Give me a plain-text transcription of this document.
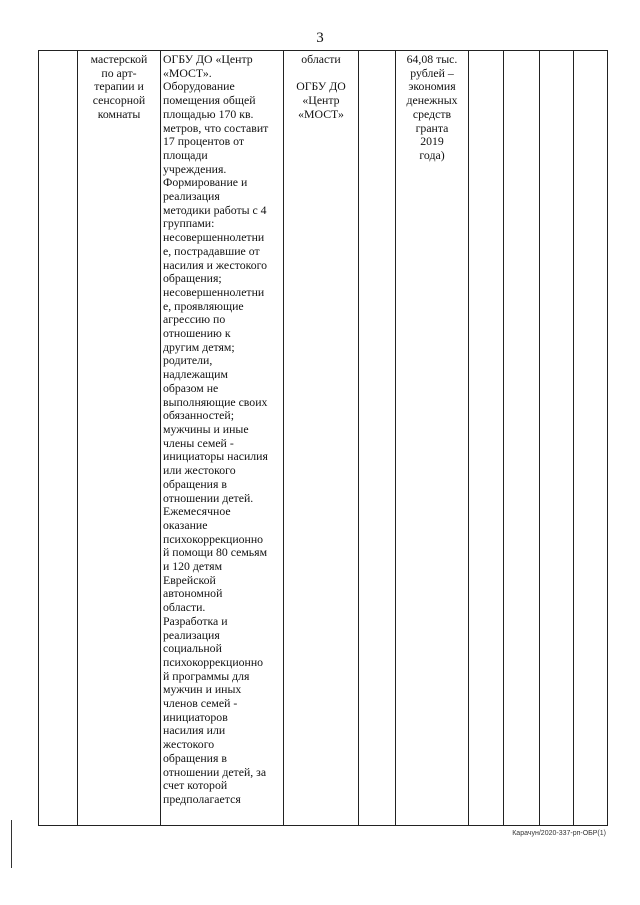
3
мастерской
по арт-
терапии и
сенсорной
комнаты
ОГБУ ДО «Центр
«МОСТ».
Оборудование
помещения общей
площадью 170 кв.
метров, что составит
17 процентов от
площади
учреждения.
Формирование и
реализация
методики работы с 4
группами:
несовершеннолетни
е, пострадавшие от
насилия и жестокого
обращения;
несовершеннолетни
е, проявляющие
агрессию по
отношению к
другим детям;
родители,
надлежащим
образом не
выполняющие своих
обязанностей;
мужчины и иные
члены семей -
инициаторы насилия
или жестокого
обращения в
отношении детей.
Ежемесячное
оказание
психокоррекционно
й помощи 80 семьям
и 120 детям
Еврейской
автономной
области.
Разработка и
реализация
социальной
психокоррекционно
й программы для
мужчин и иных
членов семей -
инициаторов
насилия или
жестокого
обращения в
отношении детей, за
счет которой
предполагается
области

ОГБУ ДО
«Центр
«МОСТ»
64,08 тыс.
рублей –
экономия
денежных
средств
гранта
2019
года)
Карачун/2020-337-рп-ОБР(1)
